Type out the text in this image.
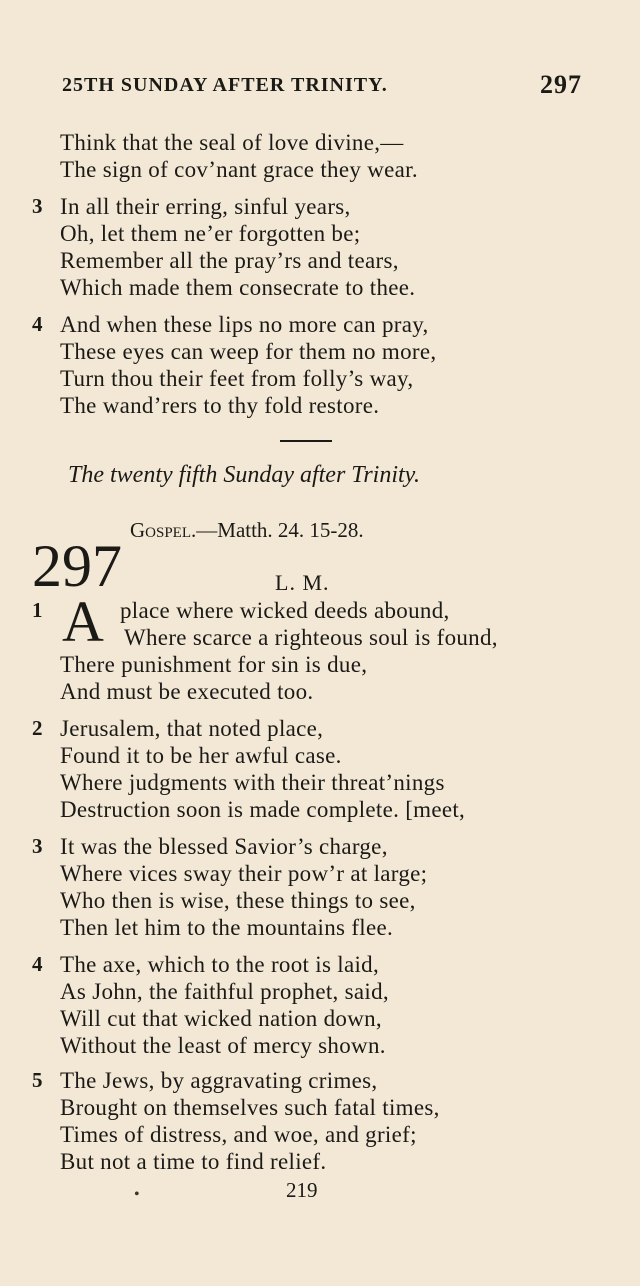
25TH SUNDAY AFTER TRINITY.	297
Think that the seal of love divine,—
The sign of cov’nant grace they wear.
3 In all their erring, sinful years,
Oh, let them ne’er forgotten be;
Remember all the pray’rs and tears,
Which made them consecrate to thee.
4 And when these lips no more can pray,
These eyes can weep for them no more,
Turn thou their feet from folly’s way,
The wand’rers to thy fold restore.
The twenty fifth Sunday after Trinity.
Gospel.—Matth. 24. 15-28.
297	L. M.
1	place where wicked deeds abound,
Where scarce a righteous soul is found,
There punishment for sin is due,
And must be executed too.
A
2 Jerusalem, that noted place,
Found it to be her awful case.
Where judgments with their threat’nings
Destruction soon is made complete. [meet,
3 It was the blessed Savior’s charge,
Where vices sway their pow’r at large;
Who then is wise, these things to see,
Then let him to the mountains flee.
4 The axe, which to the root is laid,
As John, the faithful prophet, said,
Will cut that wicked nation down,
Without the least of mercy shown.
5 The Jews, by aggravating crimes,
Brought on themselves such fatal times,
Times of distress, and woe, and grief;
But not a time to find relief.
219
•
